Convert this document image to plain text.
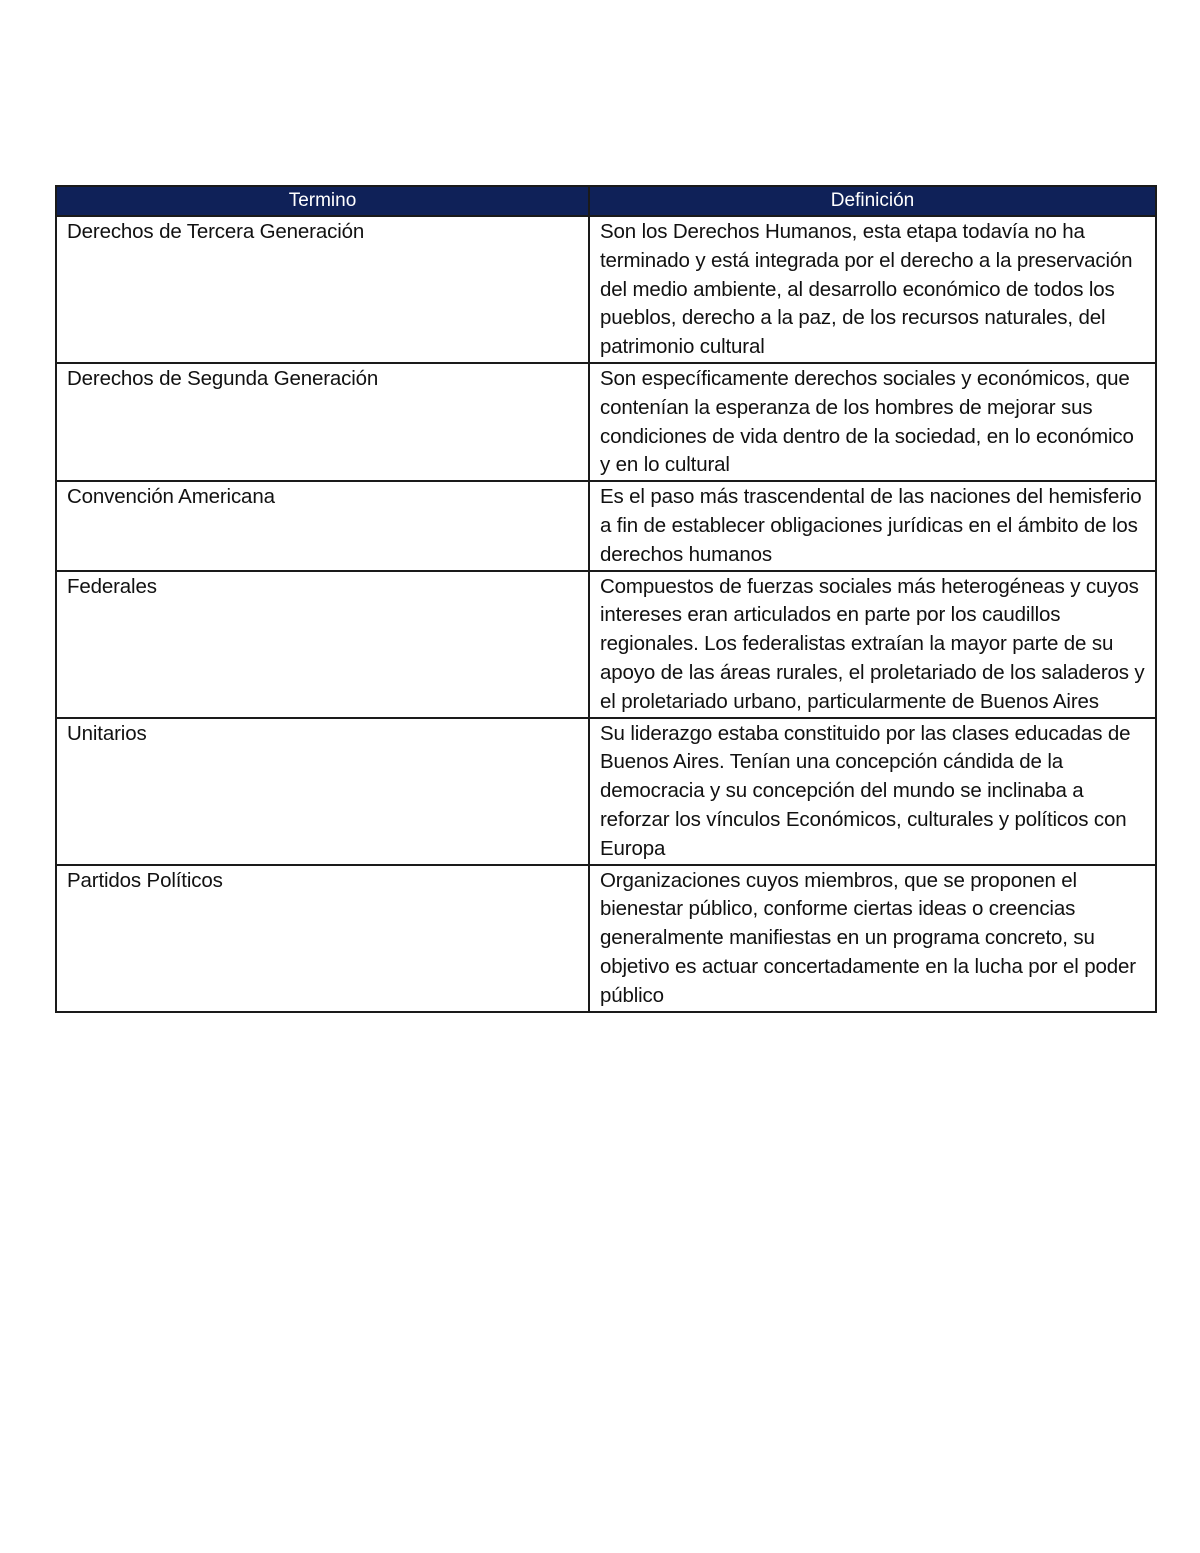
Termino	Definición
Derechos de Tercera Generación	Son los Derechos Humanos, esta etapa todavía no ha terminado y está integrada por el derecho a la preservación del medio ambiente, al desarrollo económico de todos los pueblos, derecho a la paz, de los recursos naturales, del patrimonio cultural
Derechos de Segunda Generación	Son específicamente derechos sociales y económicos, que contenían la esperanza de los hombres de mejorar sus condiciones de vida dentro de la sociedad, en lo económico y en lo cultural
Convención Americana	Es el paso más trascendental de las naciones del hemisferio a fin de establecer obligaciones jurídicas en el ámbito de los derechos humanos
Federales	Compuestos de fuerzas sociales más heterogéneas y cuyos intereses eran articulados en parte por los caudillos regionales. Los federalistas extraían la mayor parte de su apoyo de las áreas rurales, el proletariado de los saladeros y el proletariado urbano, particularmente de Buenos Aires
Unitarios	Su liderazgo estaba constituido por las clases educadas de Buenos Aires. Tenían una concepción cándida de la democracia y su concepción del mundo se inclinaba a reforzar los vínculos Económicos, culturales y políticos con Europa
Partidos Políticos	Organizaciones cuyos miembros, que se proponen el bienestar público, conforme ciertas ideas o creencias generalmente manifiestas en un programa concreto, su objetivo es actuar concertadamente en la lucha por el poder público
